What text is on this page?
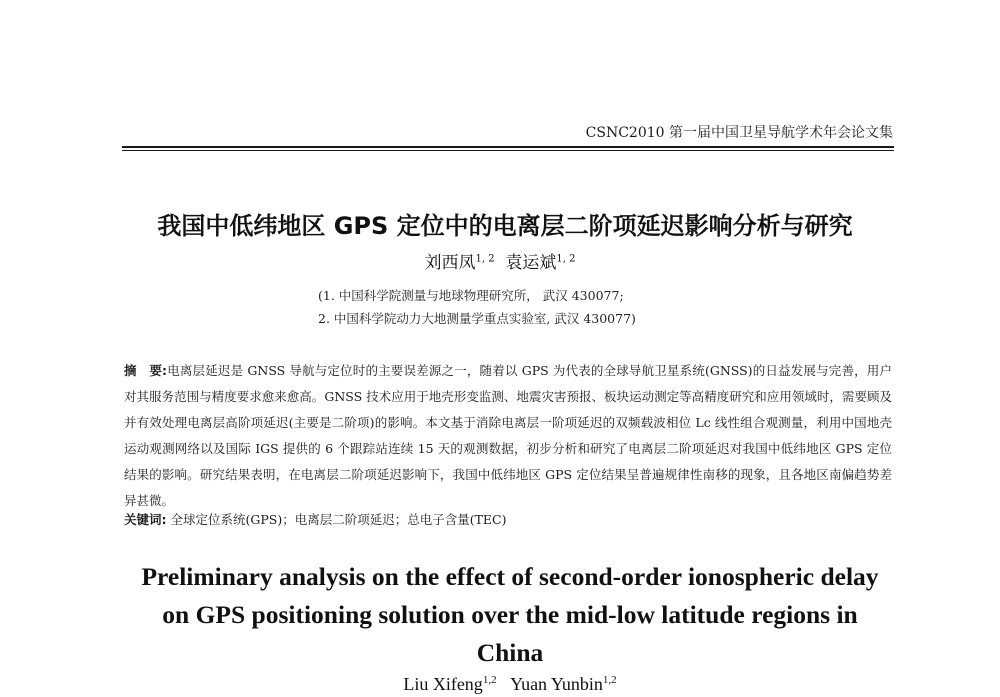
CSNC2010 第一届中国卫星导航学术年会论文集
我国中低纬地区 GPS 定位中的电离层二阶项延迟影响分析与研究
刘西凤$^{1, 2}$ 袁运斌$^{1, 2}$
(1. 中国科学院测量与地球物理研究所， 武汉 430077;
2. 中国科学院动力大地测量学重点实验室, 武汉 430077)
摘　要:电离层延迟是 GNSS 导航与定位时的主要误差源之一，随着以 GPS 为代表的全球导航卫星系统(GNSS)的日益发展与完善，用户对其服务范围与精度要求愈来愈高。GNSS 技术应用于地壳形变监测、地震灾害预报、板块运动测定等高精度研究和应用领域时，需要顾及并有效处理电离层高阶项延迟(主要是二阶项)的影响。本文基于消除电离层一阶项延迟的双频载波相位 Lc 线性组合观测量，利用中国地壳运动观测网络以及国际 IGS 提供的 6 个跟踪站连续 15 天的观测数据，初步分析和研究了电离层二阶项延迟对我国中低纬地区 GPS 定位结果的影响。研究结果表明，在电离层二阶项延迟影响下，我国中低纬地区 GPS 定位结果呈普遍规律性南移的现象，且各地区南偏趋势差异甚微。
关键词: 全球定位系统(GPS)；电离层二阶项延迟；总电子含量(TEC)
Preliminary analysis on the effect of second-order ionospheric delay on GPS positioning solution over the mid-low latitude regions in China
Liu Xifeng$^{1,2}$ Yuan Yunbin$^{1,2}$
